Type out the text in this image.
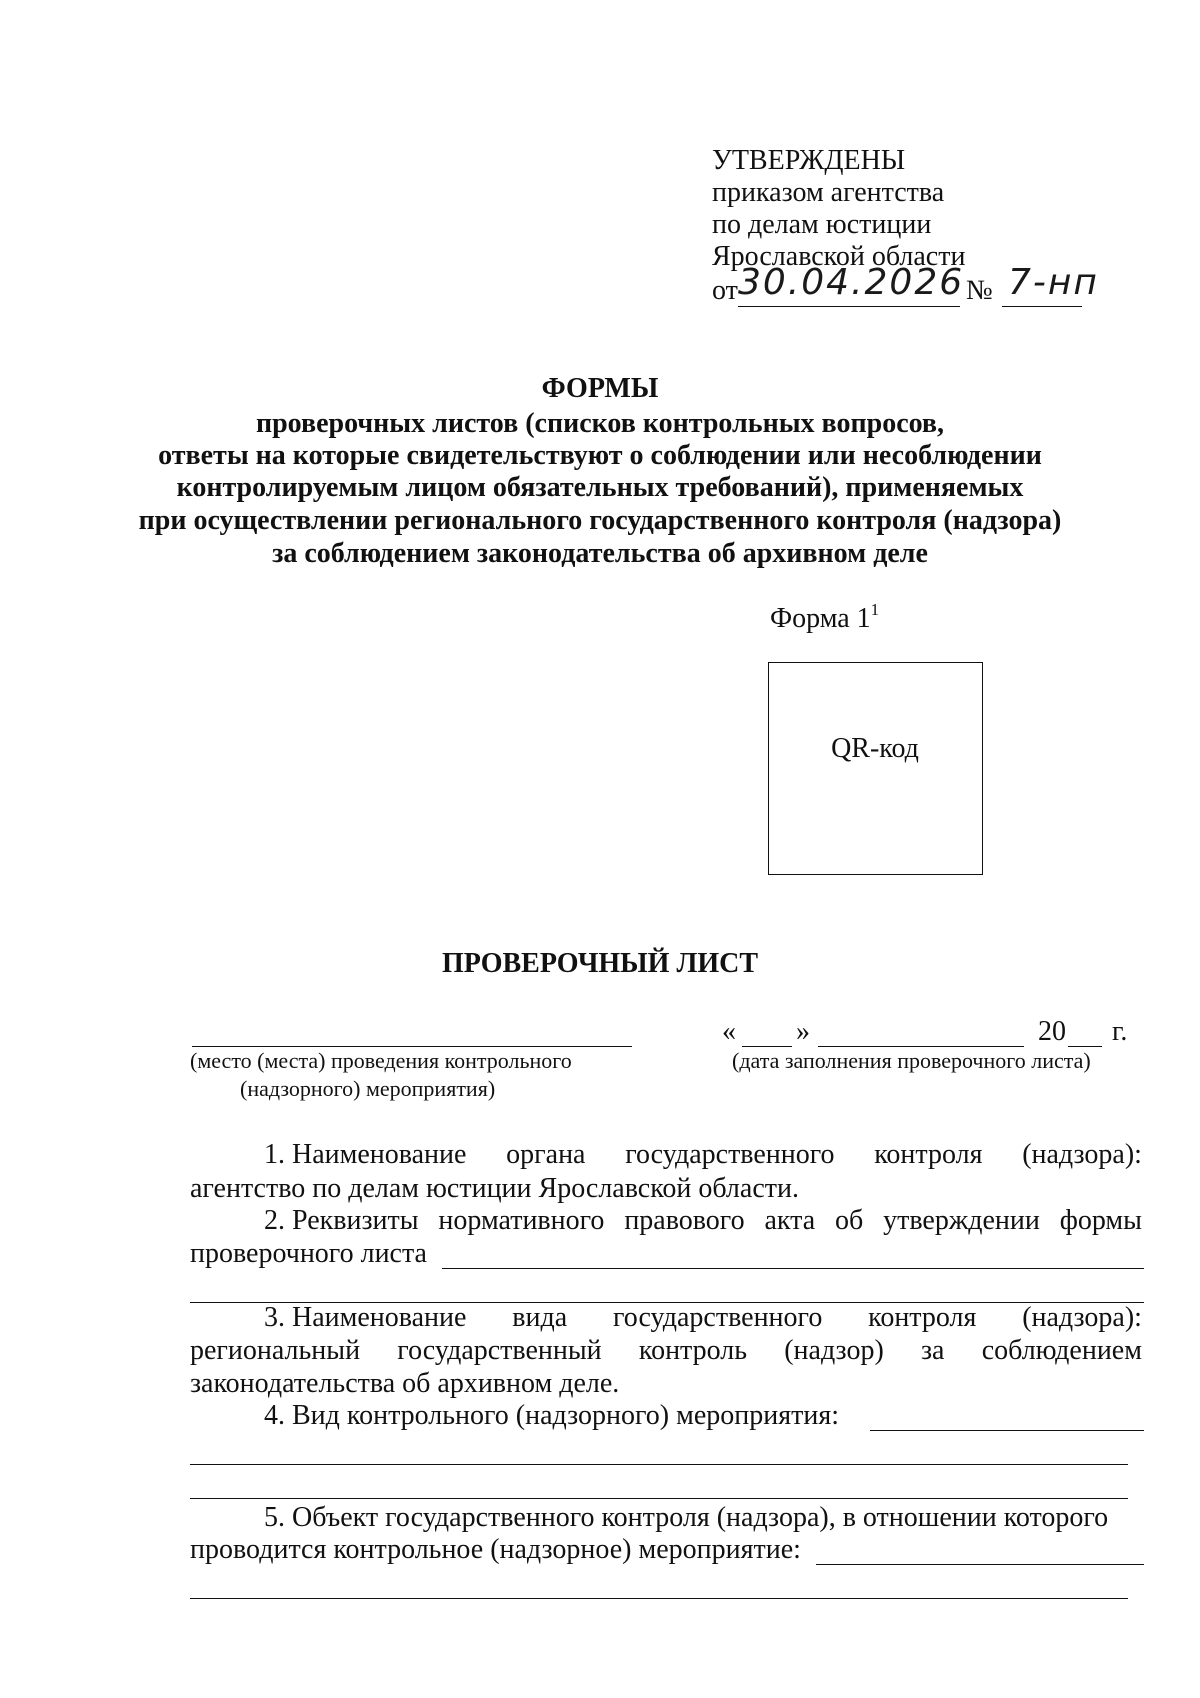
УТВЕРЖДЕНЫ
приказом агентства
по делам юстиции
Ярославской области
от 30.04.2026 № 7-нп
ФОРМЫ
проверочных листов (списков контрольных вопросов,
ответы на которые свидетельствуют о соблюдении или несоблюдении
контролируемым лицом обязательных требований), применяемых
при осуществлении регионального государственного контроля (надзора)
за соблюдением законодательства об архивном деле
Форма $1^1$
QR-код
ПРОВЕРОЧНЫЙ ЛИСТ
« »	20 г.
(место (места) проведения контрольного
(надзорного) мероприятия)
(дата заполнения проверочного листа)
1. Наименование органа государственного контроля (надзора):
агентство по делам юстиции Ярославской области.
2. Реквизиты нормативного правового акта об утверждении формы
проверочного листа
3. Наименование вида государственного контроля (надзора):
региональный государственный контроль (надзор) за соблюдением
законодательства об архивном деле.
4. Вид контрольного (надзорного) мероприятия:
5. Объект государственного контроля (надзора), в отношении которого
проводится контрольное (надзорное) мероприятие:
